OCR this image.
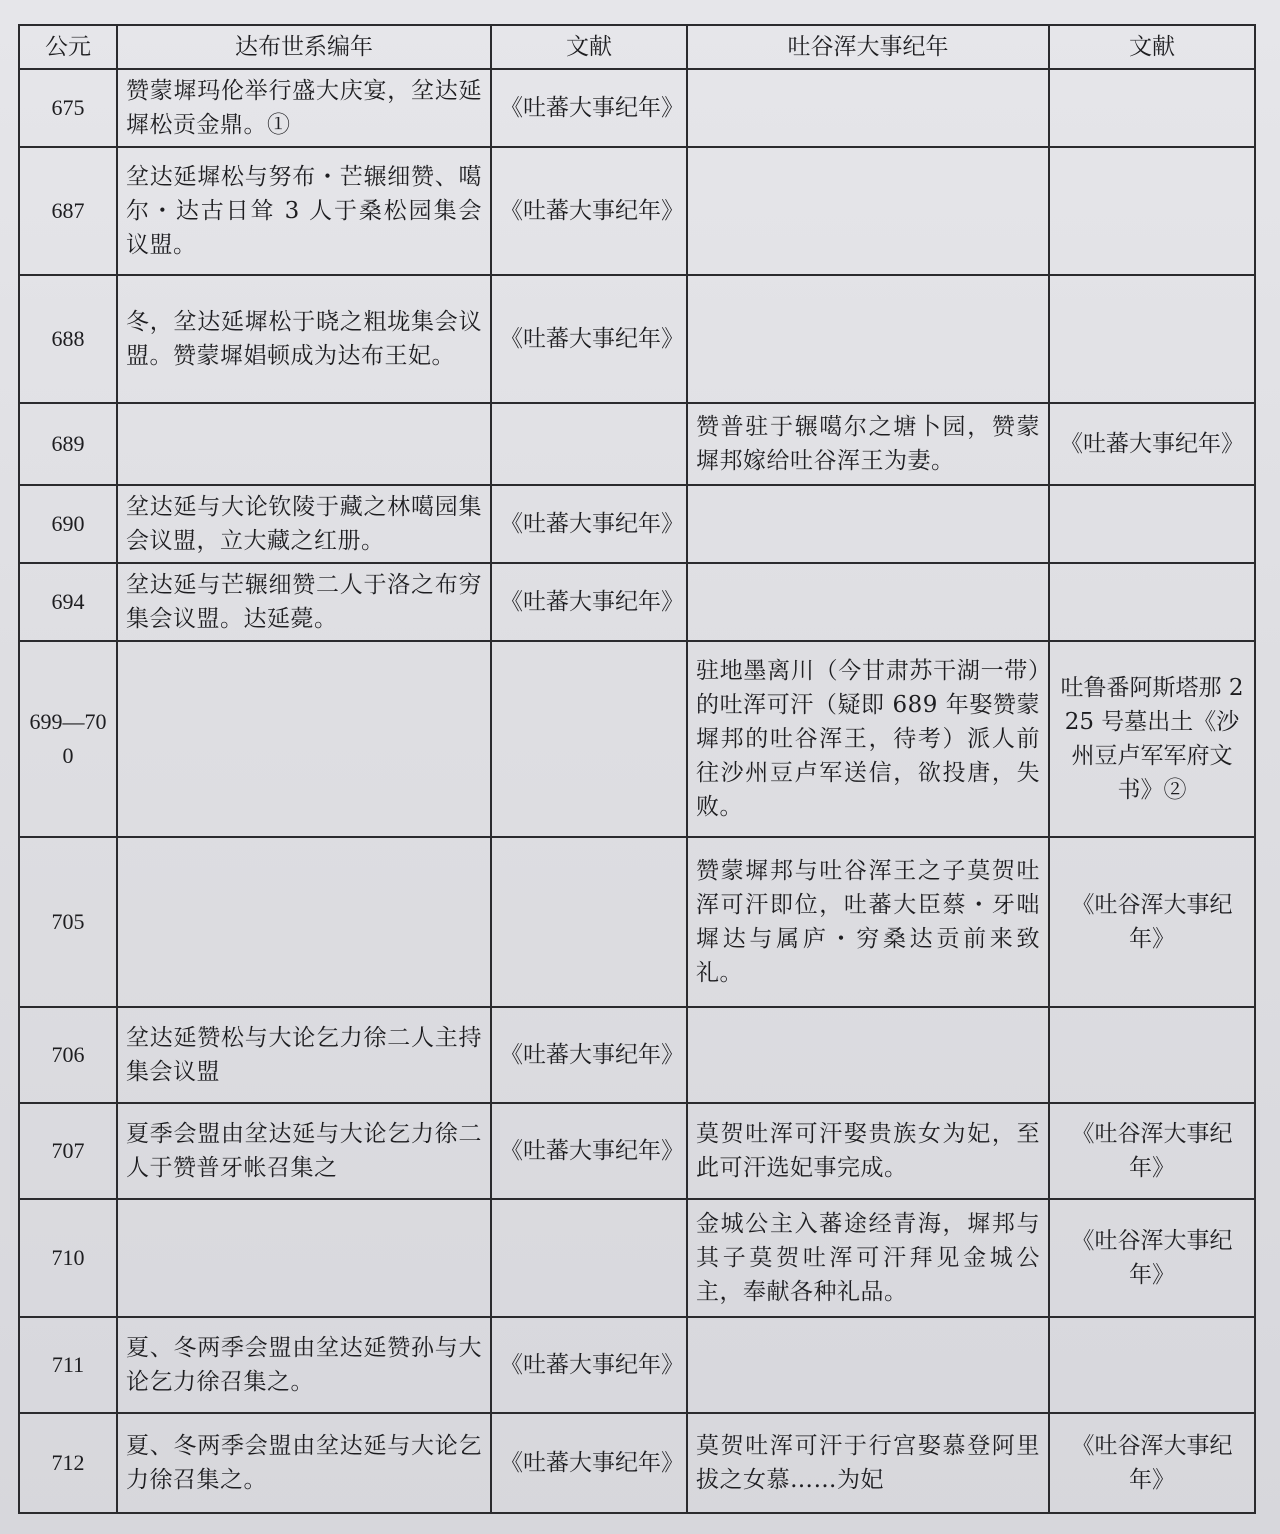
公元	达布世系编年	文献	吐谷浑大事纪年	文献
675	赞蒙墀玛伦举行盛大庆宴，坌达延墀松贡金鼎。①	《吐蕃大事纪年》		
687	坌达延墀松与努布・芒辗细赞、噶尔・达古日耸 3 人于桑松园集会议盟。	《吐蕃大事纪年》		
688	冬，坌达延墀松于晓之粗垅集会议盟。赞蒙墀娼顿成为达布王妃。	《吐蕃大事纪年》		
689			赞普驻于辗噶尔之塘卜园，赞蒙墀邦嫁给吐谷浑王为妻。	《吐蕃大事纪年》
690	坌达延与大论钦陵于藏之林噶园集会议盟，立大藏之红册。	《吐蕃大事纪年》		
694	坌达延与芒辗细赞二人于洛之布穷集会议盟。达延薨。	《吐蕃大事纪年》		
699—700			驻地墨离川（今甘肃苏干湖一带）的吐浑可汗（疑即 689 年娶赞蒙墀邦的吐谷浑王，待考）派人前往沙州豆卢军送信，欲投唐，失败。	吐鲁番阿斯塔那 225 号墓出土《沙州豆卢军军府文书》②
705			赞蒙墀邦与吐谷浑王之子莫贺吐浑可汗即位，吐蕃大臣蔡・牙咄墀达与属庐・穷桑达贡前来致礼。	《吐谷浑大事纪年》
706	坌达延赞松与大论乞力徐二人主持集会议盟	《吐蕃大事纪年》		
707	夏季会盟由坌达延与大论乞力徐二人于赞普牙帐召集之	《吐蕃大事纪年》	莫贺吐浑可汗娶贵族女为妃，至此可汗选妃事完成。	《吐谷浑大事纪年》
710			金城公主入蕃途经青海，墀邦与其子莫贺吐浑可汗拜见金城公主，奉献各种礼品。	《吐谷浑大事纪年》
711	夏、冬两季会盟由坌达延赞孙与大论乞力徐召集之。	《吐蕃大事纪年》		
712	夏、冬两季会盟由坌达延与大论乞力徐召集之。	《吐蕃大事纪年》	莫贺吐浑可汗于行宫娶慕登阿里拔之女慕……为妃	《吐谷浑大事纪年》
